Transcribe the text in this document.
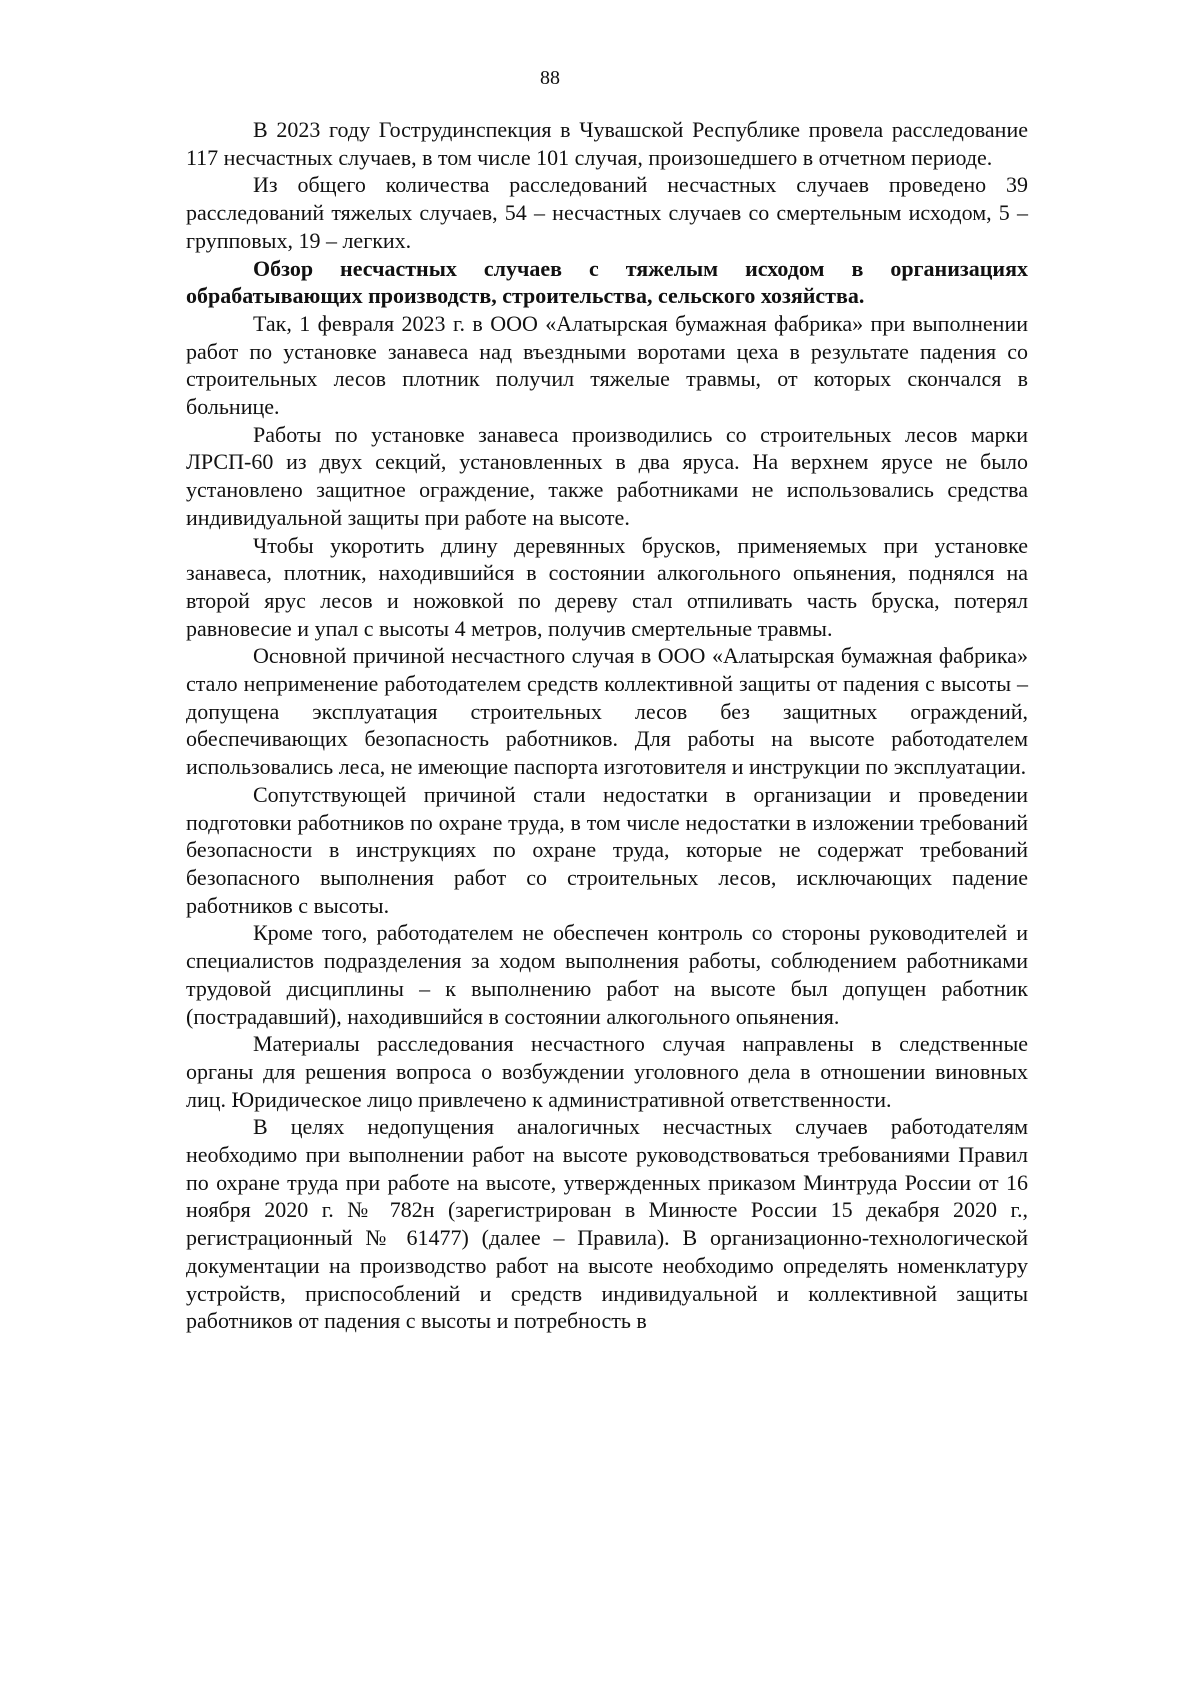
88

В 2023 году Гострудинспекция в Чувашской Республике провела расследование 117 несчастных случаев, в том числе 101 случая, произошедшего в отчетном периоде.

Из общего количества расследований несчастных случаев проведено 39 расследований тяжелых случаев, 54 – несчастных случаев со смертельным исходом, 5 – групповых, 19 – легких.

Обзор несчастных случаев с тяжелым исходом в организациях обрабатывающих производств, строительства, сельского хозяйства.

Так, 1 февраля 2023 г. в ООО «Алатырская бумажная фабрика» при выполнении работ по установке занавеса над въездными воротами цеха в результате падения со строительных лесов плотник получил тяжелые травмы, от которых скончался в больнице.

Работы по установке занавеса производились со строительных лесов марки ЛРСП-60 из двух секций, установленных в два яруса. На верхнем ярусе не было установлено защитное ограждение, также работниками не использовались средства индивидуальной защиты при работе на высоте.

Чтобы укоротить длину деревянных брусков, применяемых при установке занавеса, плотник, находившийся в состоянии алкогольного опьянения, поднялся на второй ярус лесов и ножовкой по дереву стал отпиливать часть бруска, потерял равновесие и упал с высоты 4 метров, получив смертельные травмы.

Основной причиной несчастного случая в ООО «Алатырская бумажная фабрика» стало неприменение работодателем средств коллективной защиты от падения с высоты – допущена эксплуатация строительных лесов без защитных ограждений, обеспечивающих безопасность работников. Для работы на высоте работодателем использовались леса, не имеющие паспорта изготовителя и инструкции по эксплуатации.

Сопутствующей причиной стали недостатки в организации и проведении подготовки работников по охране труда, в том числе недостатки в изложении требований безопасности в инструкциях по охране труда, которые не содержат требований безопасного выполнения работ со строительных лесов, исключающих падение работников с высоты.

Кроме того, работодателем не обеспечен контроль со стороны руководителей и специалистов подразделения за ходом выполнения работы, соблюдением работниками трудовой дисциплины – к выполнению работ на высоте был допущен работник (пострадавший), находившийся в состоянии алкогольного опьянения.

Материалы расследования несчастного случая направлены в следственные органы для решения вопроса о возбуждении уголовного дела в отношении виновных лиц. Юридическое лицо привлечено к административной ответственности.

В целях недопущения аналогичных несчастных случаев работодателям необходимо при выполнении работ на высоте руководствоваться требованиями Правил по охране труда при работе на высоте, утвержденных приказом Минтруда России от 16 ноября 2020 г. № 782н (зарегистрирован в Минюсте России 15 декабря 2020 г., регистрационный № 61477) (далее – Правила). В организационно-технологической документации на производство работ на высоте необходимо определять номенклатуру устройств, приспособлений и средств индивидуальной и коллективной защиты работников от падения с высоты и потребность в
